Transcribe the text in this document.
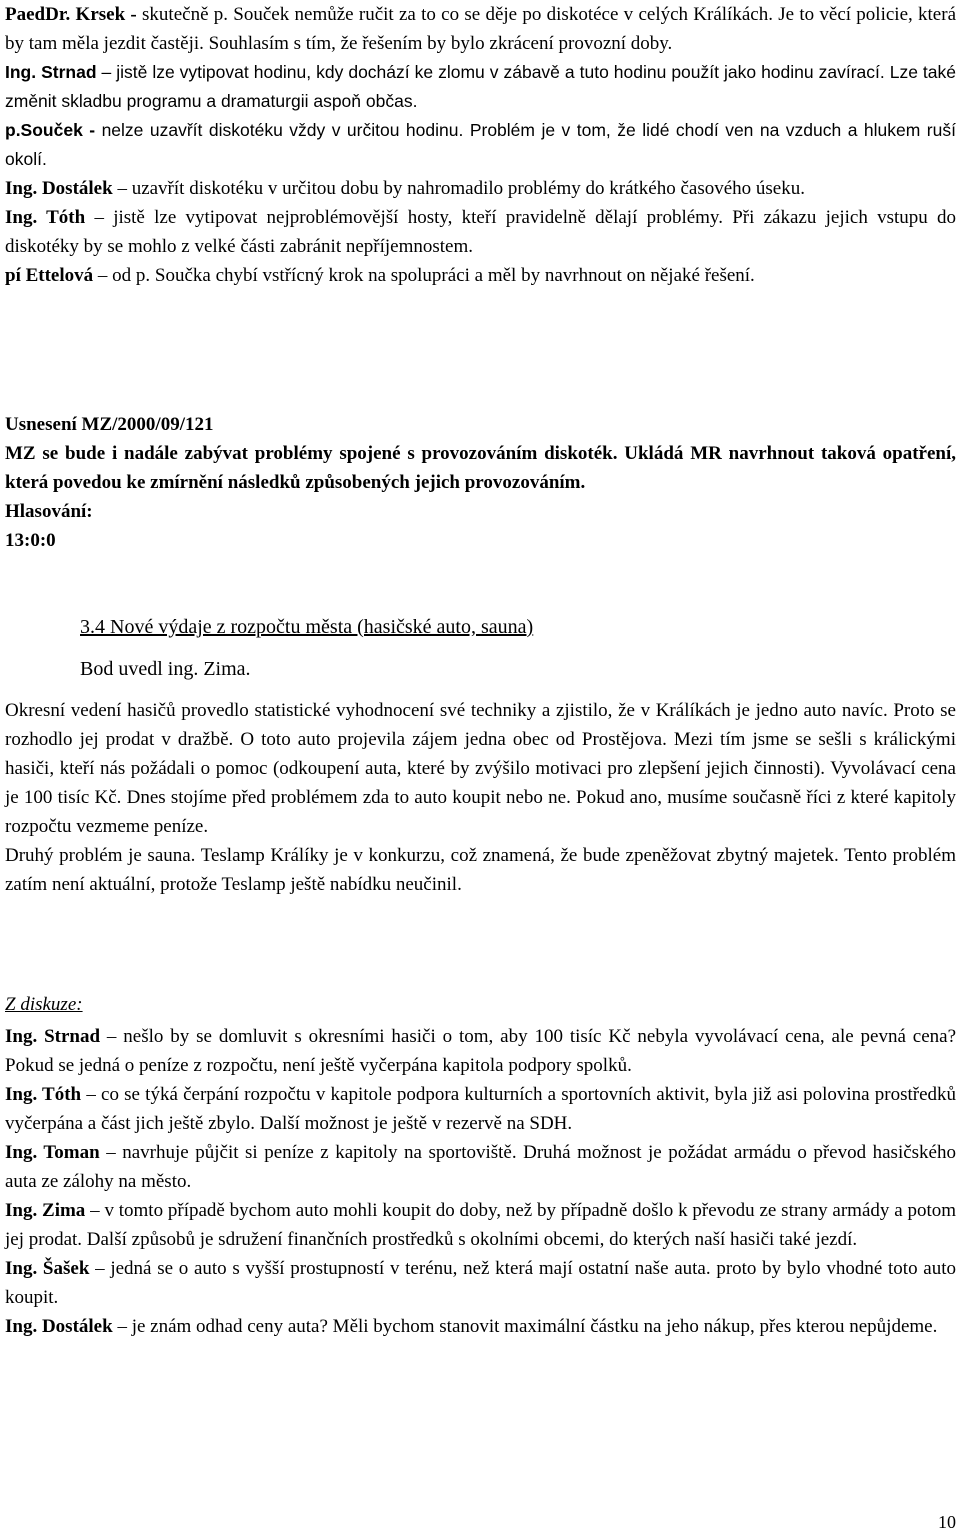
PaedDr. Krsek - skutečně p. Souček nemůže ručit za to co se děje po diskotéce v celých Králíkách. Je to věcí policie, která by tam měla jezdit častěji. Souhlasím s tím, že řešením by bylo zkrácení provozní doby.

Ing. Strnad – jistě lze vytipovat hodinu, kdy dochází ke zlomu v zábavě a tuto hodinu použít jako hodinu zavírací. Lze také změnit skladbu programu a dramaturgii aspoň občas.

p.Souček - nelze uzavřít diskotéku vždy v určitou hodinu. Problém je v tom, že lidé chodí ven na vzduch a hlukem ruší okolí.

Ing. Dostálek – uzavřít diskotéku v určitou dobu by nahromadilo problémy do krátkého časového úseku.

Ing. Tóth – jistě lze vytipovat nejproblémovější hosty, kteří pravidelně dělají problémy. Při zákazu jejich vstupu do diskotéky by se mohlo z velké části zabránit nepříjemnostem.

pí Ettelová – od p. Součka chybí vstřícný krok na spolupráci a měl by navrhnout on nějaké řešení.

Usnesení MZ/2000/09/121

MZ se bude i nadále zabývat problémy spojené s provozováním diskoték. Ukládá MR navrhnout taková opatření, která povedou ke zmírnění následků způsobených jejich provozováním.

Hlasování:

13:0:0

3.4 Nové výdaje z rozpočtu města (hasičské auto, sauna)

Bod uvedl ing. Zima.

Okresní vedení hasičů provedlo statistické vyhodnocení své techniky a zjistilo, že v Králíkách je jedno auto navíc. Proto se rozhodlo jej prodat v dražbě. O toto auto projevila zájem jedna obec od Prostějova. Mezi tím jsme se sešli s králickými hasiči, kteří nás požádali o pomoc (odkoupení auta, které by zvýšilo motivaci pro zlepšení jejich činnosti). Vyvolávací cena je 100 tisíc Kč. Dnes stojíme před problémem zda to auto koupit nebo ne. Pokud ano, musíme současně říci z které kapitoly rozpočtu vezmeme peníze.

Druhý problém je sauna. Teslamp Králíky je v konkurzu, což znamená, že bude zpeněžovat zbytný majetek. Tento problém zatím není aktuální, protože Teslamp ještě nabídku neučinil.

Z diskuze:

Ing. Strnad – nešlo by se domluvit s okresními hasiči o tom, aby 100 tisíc Kč nebyla vyvolávací cena, ale pevná cena? Pokud se jedná o peníze z rozpočtu, není ještě vyčerpána kapitola podpory spolků.

Ing. Tóth – co se týká čerpání rozpočtu v kapitole podpora kulturních a sportovních aktivit, byla již asi polovina prostředků vyčerpána a část jich ještě zbylo. Další možnost je ještě v rezervě na SDH.

Ing. Toman – navrhuje půjčit si peníze z kapitoly na sportoviště. Druhá možnost je požádat armádu o převod hasičského auta ze zálohy na město.

Ing. Zima – v tomto případě bychom auto mohli koupit do doby, než by případně došlo k převodu ze strany armády a potom jej prodat. Další způsobů je sdružení finančních prostředků s okolními obcemi, do kterých naší hasiči také jezdí.

Ing. Šašek – jedná se o auto s vyšší prostupností v terénu, než která mají ostatní naše auta. proto by bylo vhodné toto auto koupit.

Ing. Dostálek – je znám odhad ceny auta? Měli bychom stanovit maximální částku na jeho nákup, přes kterou nepůjdeme.

10
